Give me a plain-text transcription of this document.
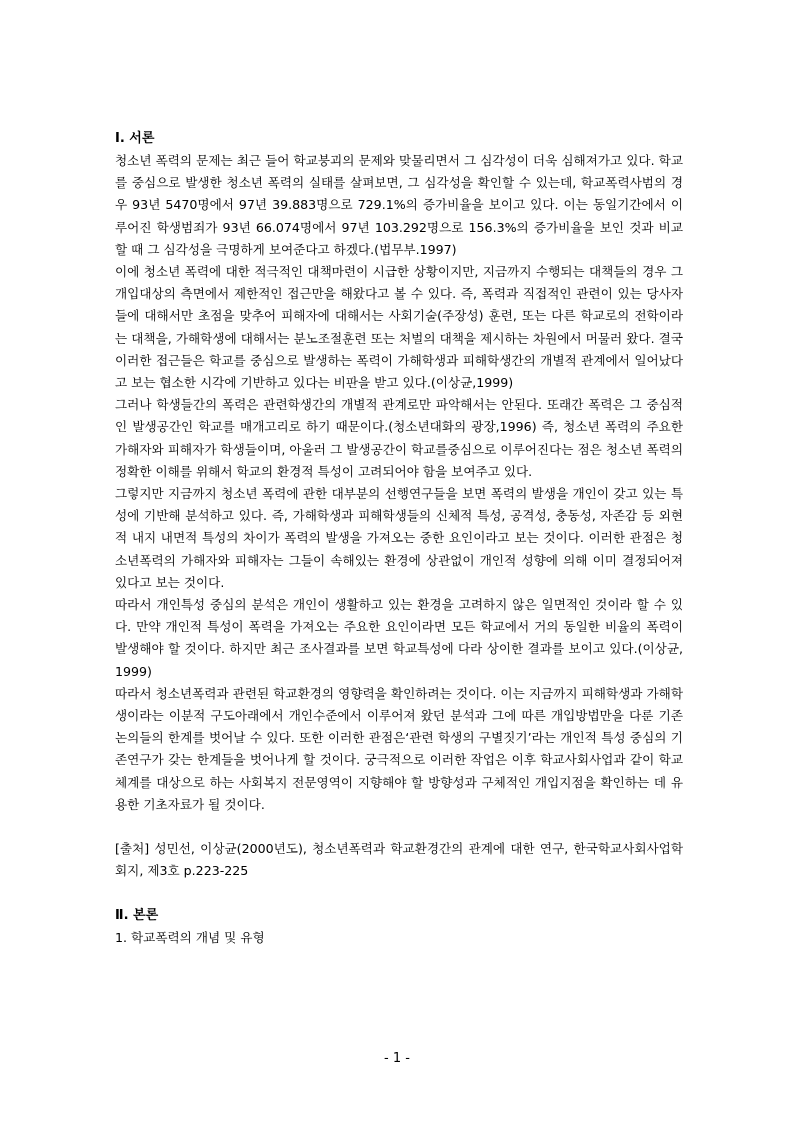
Ⅰ. 서론

청소년 폭력의 문제는 최근 들어 학교붕괴의 문제와 맞물리면서 그 심각성이 더욱 심해져가고 있다. 학교를 중심으로 발생한 청소년 폭력의 실태를 살펴보면, 그 심각성을 확인할 수 있는데, 학교폭력사범의 경우 93년 5470명에서 97년 39.883명으로 729.1%의 증가비율을 보이고 있다. 이는 동일기간에서 이루어진 학생범죄가 93년 66.074명에서 97년 103.292명으로 156.3%의 증가비율을 보인 것과 비교할 때 그 심각성을 극명하게 보여준다고 하겠다.(법무부.1997)

이에 청소년 폭력에 대한 적극적인 대책마련이 시급한 상황이지만, 지금까지 수행되는 대책들의 경우 그 개입대상의 측면에서 제한적인 접근만을 해왔다고 볼 수 있다. 즉, 폭력과 직접적인 관련이 있는 당사자들에 대해서만 초점을 맞추어 피해자에 대해서는 사회기술(주장성) 훈련, 또는 다른 학교로의 전학이라는 대책을, 가해학생에 대해서는 분노조절훈련 또는 처벌의 대책을 제시하는 차원에서 머물러 왔다. 결국 이러한 접근들은 학교를 중심으로 발생하는 폭력이 가해학생과 피해학생간의 개별적 관계에서 일어났다고 보는 협소한 시각에 기반하고 있다는 비판을 받고 있다.(이상균,1999)

그러나 학생들간의 폭력은 관련학생간의 개별적 관계로만 파악해서는 안된다. 또래간 폭력은 그 중심적인 발생공간인 학교를 매개고리로 하기 때문이다.(청소년대화의 광장,1996) 즉, 청소년 폭력의 주요한 가해자와 피해자가 학생들이며, 아울러 그 발생공간이 학교를중심으로 이루어진다는 점은 청소년 폭력의 정확한 이해를 위해서 학교의 환경적 특성이 고려되어야 함을 보여주고 있다.

그렇지만 지금까지 청소년 폭력에 관한 대부분의 선행연구들을 보면 폭력의 발생을 개인이 갖고 있는 특성에 기반해 분석하고 있다. 즉, 가해학생과 피해학생들의 신체적 특성, 공격성, 충동성, 자존감 등 외현적 내지 내면적 특성의 차이가 폭력의 발생을 가져오는 중한 요인이라고 보는 것이다. 이러한 관점은 청소년폭력의 가해자와 피해자는 그들이 속해있는 환경에 상관없이 개인적 성향에 의해 이미 결정되어져 있다고 보는 것이다.

따라서 개인특성 중심의 분석은 개인이 생활하고 있는 환경을 고려하지 않은 일면적인 것이라 할 수 있다. 만약 개인적 특성이 폭력을 가져오는 주요한 요인이라면 모든 학교에서 거의 동일한 비율의 폭력이 발생해야 할 것이다. 하지만 최근 조사결과를 보면 학교특성에 다라 상이한 결과를 보이고 있다.(이상균,1999)

따라서 청소년폭력과 관련된 학교환경의 영향력을 확인하려는 것이다. 이는 지금까지 피해학생과 가해학생이라는 이분적 구도아래에서 개인수준에서 이루어져 왔던 분석과 그에 따른 개입방법만을 다룬 기존 논의들의 한계를 벗어날 수 있다. 또한 이러한 관점은‘관련 학생의 구별짓기’라는 개인적 특성 중심의 기존연구가 갖는 한계들을 벗어나게 할 것이다. 궁극적으로 이러한 작업은 이후 학교사회사업과 같이 학교체계를 대상으로 하는 사회복지 전문영역이 지향해야 할 방향성과 구체적인 개입지점을 확인하는 데 유용한 기초자료가 될 것이다.

[출처] 성민선, 이상균(2000년도), 청소년폭력과 학교환경간의 관계에 대한 연구, 한국학교사회사업학회지, 제3호 p.223-225

Ⅱ. 본론

1. 학교폭력의 개념 및 유형

- 1 -
